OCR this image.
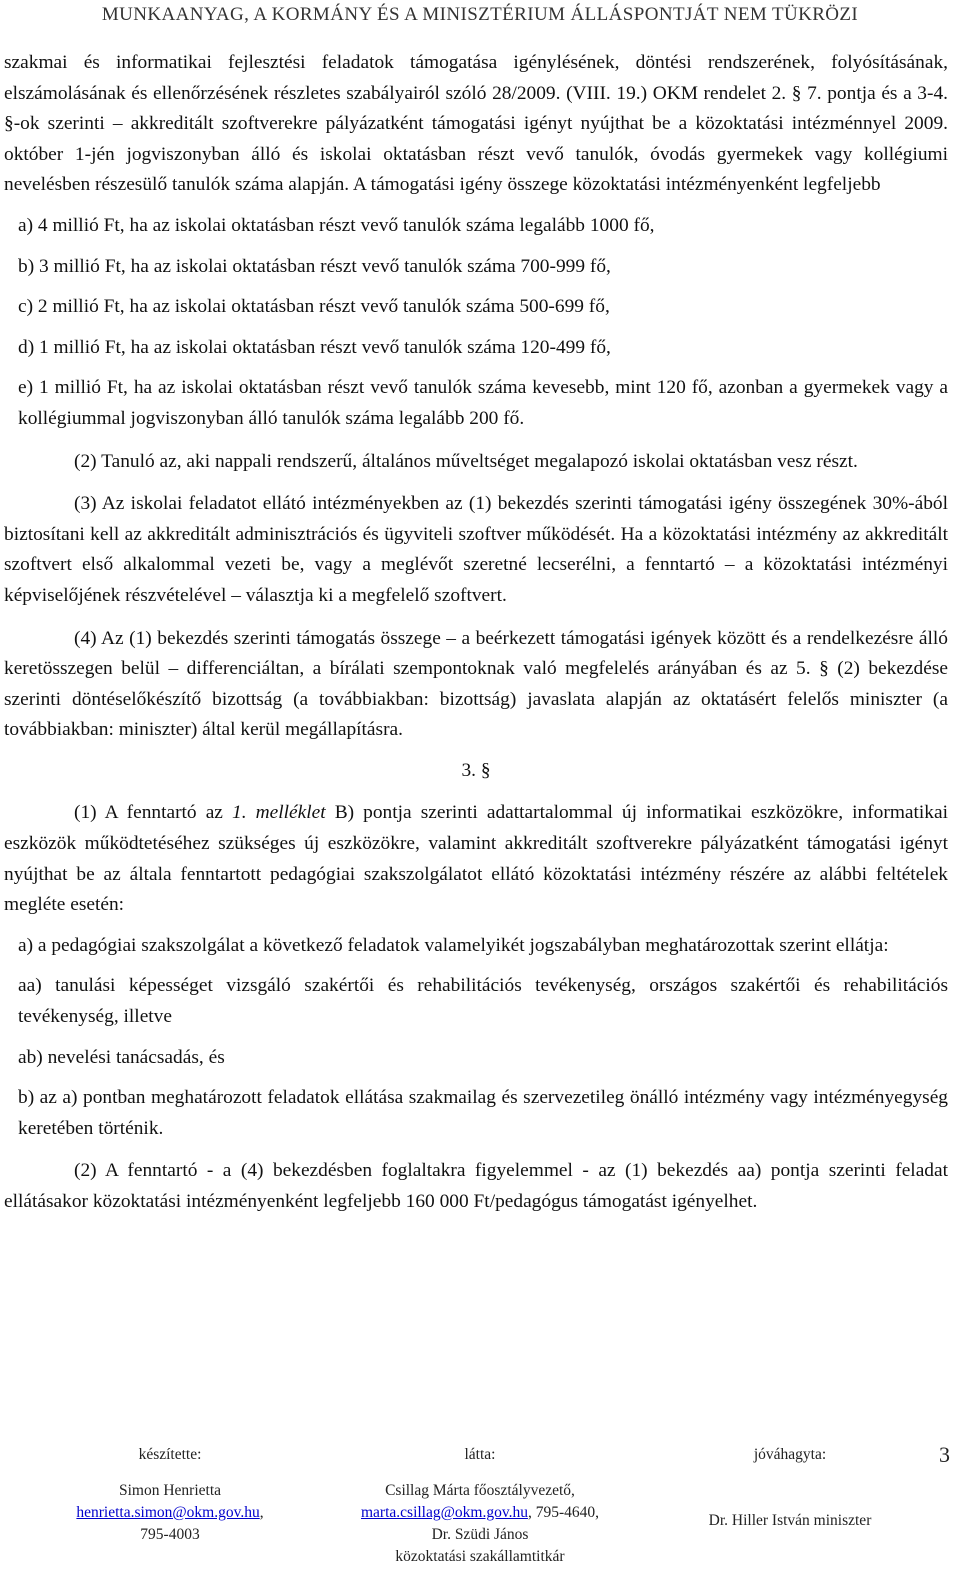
MUNKAANYAG, A KORMÁNY ÉS A MINISZTÉRIUM ÁLLÁSPONTJÁT NEM TÜKRÖZI

szakmai és informatikai fejlesztési feladatok támogatása igénylésének, döntési rendszerének, folyósításának, elszámolásának és ellenőrzésének részletes szabályairól szóló 28/2009. (VIII. 19.) OKM rendelet 2. § 7. pontja és a 3-4. §-ok szerinti – akkreditált szoftverekre pályázatként támogatási igényt nyújthat be a közoktatási intézménnyel 2009. október 1-jén jogviszonyban álló és iskolai oktatásban részt vevő tanulók, óvodás gyermekek vagy kollégiumi nevelésben részesülő tanulók száma alapján. A támogatási igény összege közoktatási intézményenként legfeljebb

a) 4 millió Ft, ha az iskolai oktatásban részt vevő tanulók száma legalább 1000 fő,

b) 3 millió Ft, ha az iskolai oktatásban részt vevő tanulók száma 700-999 fő,

c) 2 millió Ft, ha az iskolai oktatásban részt vevő tanulók száma 500-699 fő,

d) 1 millió Ft, ha az iskolai oktatásban részt vevő tanulók száma 120-499 fő,

e) 1 millió Ft, ha az iskolai oktatásban részt vevő tanulók száma kevesebb, mint 120 fő, azonban a gyermekek vagy a kollégiummal jogviszonyban álló tanulók száma legalább 200 fő.

(2) Tanuló az, aki nappali rendszerű, általános műveltséget megalapozó iskolai oktatásban vesz részt.

(3) Az iskolai feladatot ellátó intézményekben az (1) bekezdés szerinti támogatási igény összegének 30%-ából biztosítani kell az akkreditált adminisztrációs és ügyviteli szoftver működését. Ha a közoktatási intézmény az akkreditált szoftvert első alkalommal vezeti be, vagy a meglévőt szeretné lecserélni, a fenntartó – a közoktatási intézményi képviselőjének részvételével – választja ki a megfelelő szoftvert.

(4) Az (1) bekezdés szerinti támogatás összege – a beérkezett támogatási igények között és a rendelkezésre álló keretösszegen belül – differenciáltan, a bírálati szempontoknak való megfelelés arányában és az 5. § (2) bekezdése szerinti döntéselőkészítő bizottság (a továbbiakban: bizottság) javaslata alapján az oktatásért felelős miniszter (a továbbiakban: miniszter) által kerül megállapításra.

3. §

(1) A fenntartó az 1. melléklet B) pontja szerinti adattartalommal új informatikai eszközökre, informatikai eszközök működtetéséhez szükséges új eszközökre, valamint akkreditált szoftverekre pályázatként támogatási igényt nyújthat be az általa fenntartott pedagógiai szakszolgálatot ellátó közoktatási intézmény részére az alábbi feltételek megléte esetén:

a) a pedagógiai szakszolgálat a következő feladatok valamelyikét jogszabályban meghatározottak szerint ellátja:

aa) tanulási képességet vizsgáló szakértői és rehabilitációs tevékenység, országos szakértői és rehabilitációs tevékenység, illetve

ab) nevelési tanácsadás, és

b) az a) pontban meghatározott feladatok ellátása szakmailag és szervezetileg önálló intézmény vagy intézményegység keretében történik.

(2) A fenntartó - a (4) bekezdésben foglaltakra figyelemmel - az (1) bekezdés aa) pontja szerinti feladat ellátásakor közoktatási intézményenként legfeljebb 160 000 Ft/pedagógus támogatást igényelhet.

készítette:
Simon Henrietta
henrietta.simon@okm.gov.hu,
795-4003
látta:
Csillag Márta főosztályvezető,
marta.csillag@okm.gov.hu, 795-4640,
Dr. Szüdi János
közoktatási szakállamtitkár
jóváhagyta:
Dr. Hiller István miniszter
3
